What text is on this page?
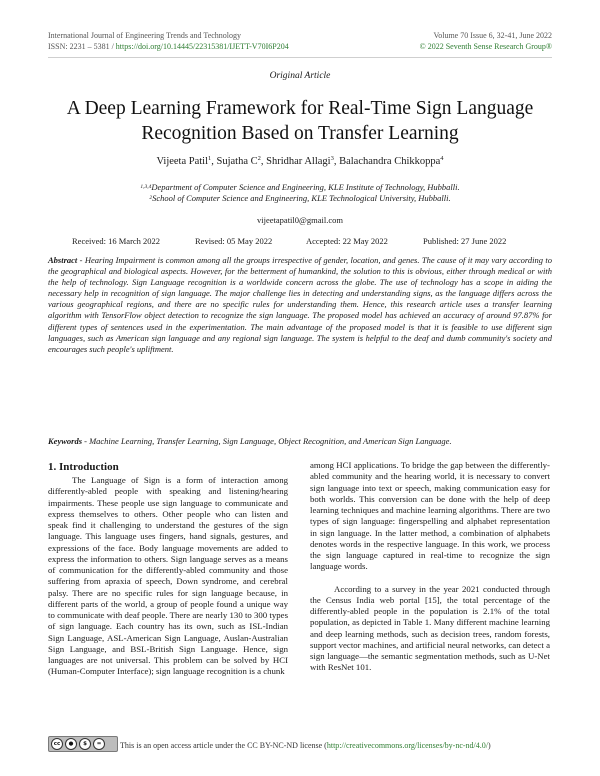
International Journal of Engineering Trends and Technology
ISSN: 2231 – 5381 / https://doi.org/10.14445/22315381/IJETT-V70I6P204
Volume 70 Issue 6, 32-41, June 2022
© 2022 Seventh Sense Research Group®
Original Article
A Deep Learning Framework for Real-Time Sign Language Recognition Based on Transfer Learning
Vijeeta Patil$^1$, Sujatha $C^2$, Shridhar Allagi$^3$, Balachandra Chikkoppa$^4$
$^{1,3,4}$Department of Computer Science and Engineering, KLE Institute of Technology, Hubballi.
$^2$School of Computer Science and Engineering, KLE Technological University, Hubballi.
vijeetapatil0@gmail.com
Received: 16 March 2022	Revised: 05 May 2022	Accepted: 22 May 2022	Published: 27 June 2022
Abstract - Hearing Impairment is common among all the groups irrespective of gender, location, and genes. The cause of it may vary according to the geographical and biological aspects. However, for the betterment of humankind, the solution to this is obvious, either through medical or with the help of technology. Sign Language recognition is a worldwide concern across the globe. The use of technology has a scope in aiding the necessary help in recognition of sign language. The major challenge lies in detecting and understanding signs, as the language differs across the various geographical regions, and there are no specific rules for understanding them. Hence, this research article uses a transfer learning algorithm with TensorFlow object detection to recognize the sign language. The proposed model has achieved an accuracy of around 97.87% for different types of sentences used in the experimentation. The main advantage of the proposed model is that it is feasible to use different sign languages, such as American sign language and any regional sign language. The system is helpful to the deaf and dumb community's society and encourages such people's upliftment.
Keywords - Machine Learning, Transfer Learning, Sign Language, Object Recognition, and American Sign Language.
1. Introduction

The Language of Sign is a form of interaction among differently-abled people with speaking and listening/hearing impairments. These people use sign language to communicate and express themselves to others. Other people who can listen and speak find it challenging to understand the gestures of the sign language. This language uses fingers, hand signals, gestures, and expressions of the face. Body language movements are added to express the information to others. Sign language serves as a means of communication for the differently-abled community and those suffering from apraxia of speech, Down syndrome, and cerebral palsy. There are no specific rules for sign language because, in different parts of the world, a group of people found a unique way to communicate with deaf people. There are nearly 130 to 300 types of sign language. Each country has its own, such as ISL-Indian Sign Language, ASL-American Sign Language, Auslan-Australian Sign Language, and BSL-British Sign Language. Hence, sign languages are not universal. This problem can be solved by HCI (Human-Computer Interface); sign language recognition is a chunk

among HCI applications. To bridge the gap between the differently-abled community and the hearing world, it is necessary to convert sign language into text or speech, making communication easy for both worlds. This conversion can be done with the help of deep learning techniques and machine learning algorithms. There are two types of sign language: fingerspelling and alphabet representation in sign language. In the latter method, a combination of alphabets denotes words in the respective language. In this work, we process the sign language captured in real-time to recognize the sign language words.

According to a survey in the year 2021 conducted through the Census India web portal [15], the total percentage of the differently-abled people in the population is 2.1% of the total population, as depicted in Table 1. Many different machine learning and deep learning methods, such as decision trees, random forests, support vector machines, and artificial neural networks, can detect a sign language—the semantic segmentation methods, such as U-Net with ResNet 101.

cc	●	$	=	This is an open access article under the CC BY-NC-ND license (http://creativecommons.org/licenses/by-nc-nd/4.0/)
